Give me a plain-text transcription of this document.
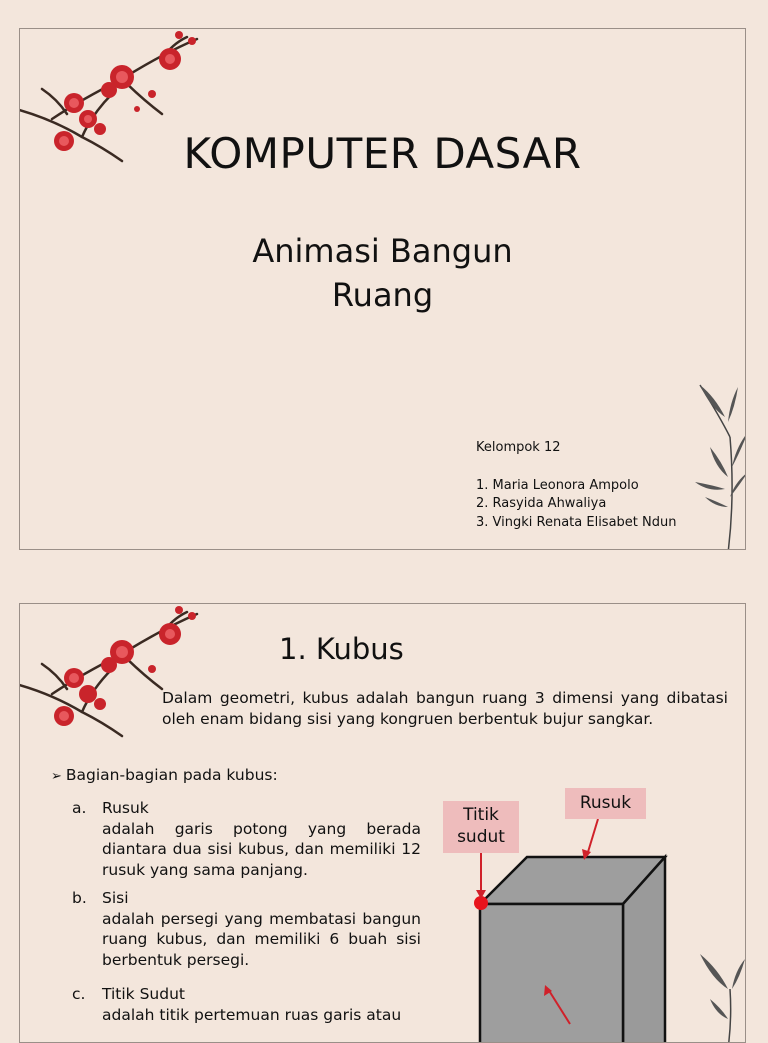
KOMPUTER DASAR
Animasi Bangun
Ruang
Kelompok 12
1. Maria Leonora Ampolo
2. Rasyida Ahwaliya
3. Vingki Renata Elisabet Ndun
1. Kubus
Dalam geometri, kubus adalah bangun ruang 3 dimensi yang dibatasi oleh enam bidang sisi yang kongruen berbentuk bujur sangkar.
➢ Bagian-bagian pada kubus:
a. Rusuk
adalah garis potong yang berada diantara dua sisi kubus, dan memiliki 12 rusuk yang sama panjang.
b. Sisi
adalah persegi yang membatasi bangun ruang kubus, dan memiliki 6 buah sisi berbentuk persegi.
c. Titik Sudut
adalah titik pertemuan ruas garis atau
Titik
sudut
Rusuk
